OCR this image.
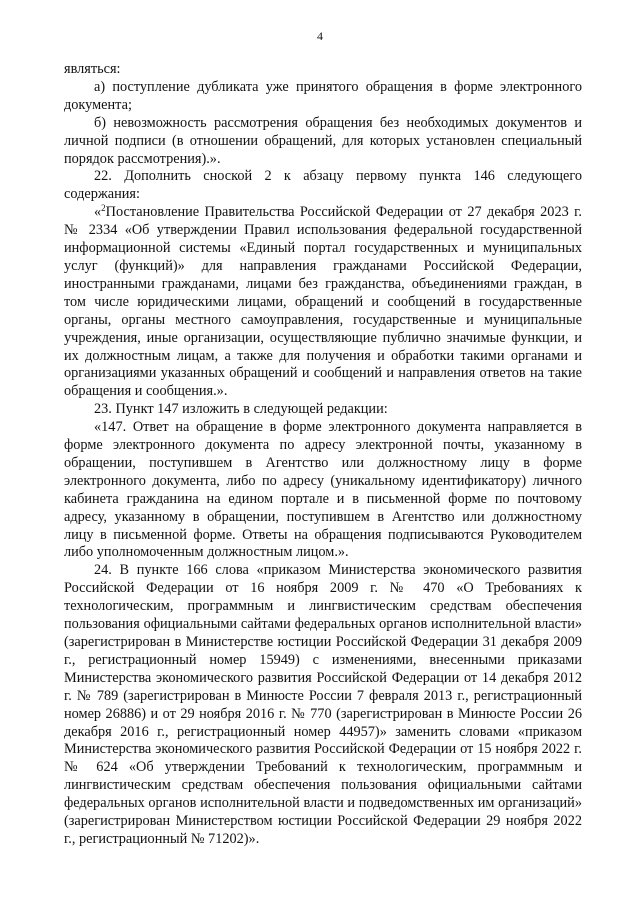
4

являться:

а) поступление дубликата уже принятого обращения в форме электронного документа;

б) невозможность рассмотрения обращения без необходимых документов и личной подписи (в отношении обращений, для которых установлен специальный порядок рассмотрения).».

22. Дополнить сноской 2 к абзацу первому пункта 146 следующего содержания:

«$^2$Постановление Правительства Российской Федерации от 27 декабря 2023 г. № 2334 «Об утверждении Правил использования федеральной государственной информационной системы «Единый портал государственных и муниципальных услуг (функций)» для направления гражданами Российской Федерации, иностранными гражданами, лицами без гражданства, объединениями граждан, в том числе юридическими лицами, обращений и сообщений в государственные органы, органы местного самоуправления, государственные и муниципальные учреждения, иные организации, осуществляющие публично значимые функции, и их должностным лицам, а также для получения и обработки такими органами и организациями указанных обращений и сообщений и направления ответов на такие обращения и сообщения.».

23. Пункт 147 изложить в следующей редакции:

«147. Ответ на обращение в форме электронного документа направляется в форме электронного документа по адресу электронной почты, указанному в обращении, поступившем в Агентство или должностному лицу в форме электронного документа, либо по адресу (уникальному идентификатору) личного кабинета гражданина на едином портале и в письменной форме по почтовому адресу, указанному в обращении, поступившем в Агентство или должностному лицу в письменной форме. Ответы на обращения подписываются Руководителем либо уполномоченным должностным лицом.».

24. В пункте 166 слова «приказом Министерства экономического развития Российской Федерации от 16 ноября 2009 г. № 470 «О Требованиях к технологическим, программным и лингвистическим средствам обеспечения пользования официальными сайтами федеральных органов исполнительной власти» (зарегистрирован в Министерстве юстиции Российской Федерации 31 декабря 2009 г., регистрационный номер 15949) с изменениями, внесенными приказами Министерства экономического развития Российской Федерации от 14 декабря 2012 г. № 789 (зарегистрирован в Минюсте России 7 февраля 2013 г., регистрационный номер 26886) и от 29 ноября 2016 г. № 770 (зарегистрирован в Минюсте России 26 декабря 2016 г., регистрационный номер 44957)» заменить словами «приказом Министерства экономического развития Российской Федерации от 15 ноября 2022 г. № 624 «Об утверждении Требований к технологическим, программным и лингвистическим средствам обеспечения пользования официальными сайтами федеральных органов исполнительной власти и подведомственных им организаций» (зарегистрирован Министерством юстиции Российской Федерации 29 ноября 2022 г., регистрационный № 71202)».
